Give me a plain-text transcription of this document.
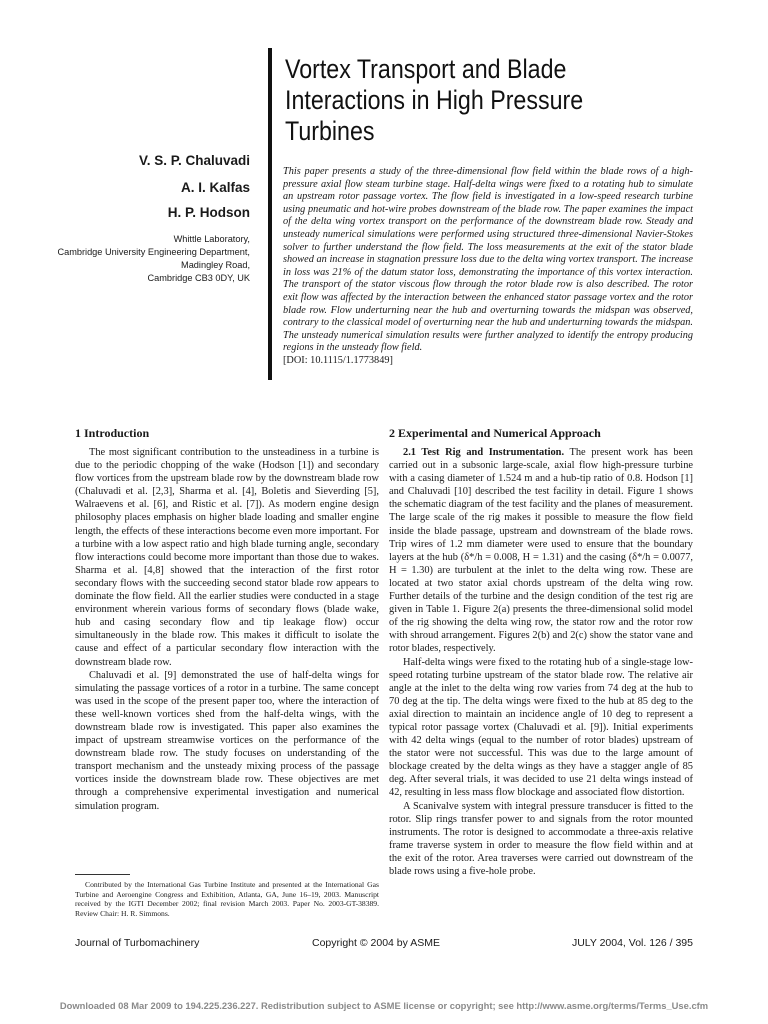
Vortex Transport and Blade Interactions in High Pressure Turbines
V. S. P. Chaluvadi
A. I. Kalfas
H. P. Hodson
Whittle Laboratory,
Cambridge University Engineering Department,
Madingley Road,
Cambridge CB3 0DY, UK
This paper presents a study of the three-dimensional flow field within the blade rows of a high-pressure axial flow steam turbine stage. Half-delta wings were fixed to a rotating hub to simulate an upstream rotor passage vortex. The flow field is investigated in a low-speed research turbine using pneumatic and hot-wire probes downstream of the blade row. The paper examines the impact of the delta wing vortex transport on the performance of the downstream blade row. Steady and unsteady numerical simulations were performed using structured three-dimensional Navier-Stokes solver to further understand the flow field. The loss measurements at the exit of the stator blade showed an increase in stagnation pressure loss due to the delta wing vortex transport. The increase in loss was 21% of the datum stator loss, demonstrating the importance of this vortex interaction. The transport of the stator viscous flow through the rotor blade row is also described. The rotor exit flow was affected by the interaction between the enhanced stator passage vortex and the rotor blade row. Flow underturning near the hub and overturning towards the midspan was observed, contrary to the classical model of overturning near the hub and underturning towards the midspan. The unsteady numerical simulation results were further analyzed to identify the entropy producing regions in the unsteady flow field.
[DOI: 10.1115/1.1773849]
1 Introduction

The most significant contribution to the unsteadiness in a turbine is due to the periodic chopping of the wake (Hodson [1]) and secondary flow vortices from the upstream blade row by the downstream blade row (Chaluvadi et al. [2,3], Sharma et al. [4], Boletis and Sieverding [5], Walraevens et al. [6], and Ristic et al. [7]). As modern engine design philosophy places emphasis on higher blade loading and smaller engine length, the effects of these interactions become even more important. For a turbine with a low aspect ratio and high blade turning angle, secondary flow interactions could become more important than those due to wakes. Sharma et al. [4,8] showed that the interaction of the first rotor secondary flows with the succeeding second stator blade row appears to dominate the flow field. All the earlier studies were conducted in a stage environment wherein various forms of secondary flows (blade wake, hub and casing secondary flow and tip leakage flow) occur simultaneously in the blade row. This makes it difficult to isolate the cause and effect of a particular secondary flow interaction with the downstream blade row.

Chaluvadi et al. [9] demonstrated the use of half-delta wings for simulating the passage vortices of a rotor in a turbine. The same concept was used in the scope of the present paper too, where the interaction of these well-known vortices shed from the half-delta wings, with the downstream blade row is investigated. This paper also examines the impact of upstream streamwise vortices on the performance of the downstream blade row. The study focuses on understanding of the transport mechanism and the unsteady mixing process of the passage vortices inside the downstream blade row. These objectives are met through a comprehensive experimental investigation and numerical simulation program.

Contributed by the International Gas Turbine Institute and presented at the International Gas Turbine and Aeroengine Congress and Exhibition, Atlanta, GA, June 16–19, 2003. Manuscript received by the IGTI December 2002; final revision March 2003. Paper No. 2003-GT-38389. Review Chair: H. R. Simmons.
2 Experimental and Numerical Approach

2.1 Test Rig and Instrumentation. The present work has been carried out in a subsonic large-scale, axial flow high-pressure turbine with a casing diameter of 1.524 m and a hub-tip ratio of 0.8. Hodson [1] and Chaluvadi [10] described the test facility in detail. Figure 1 shows the schematic diagram of the test facility and the planes of measurement. The large scale of the rig makes it possible to measure the flow field inside the blade passage, upstream and downstream of the blade rows. Trip wires of 1.2 mm diameter were used to ensure that the boundary layers at the hub (δ*/h = 0.008, H = 1.31) and the casing (δ*/h = 0.0077, H = 1.30) are turbulent at the inlet to the delta wing row. These are located at two stator axial chords upstream of the delta wing row. Further details of the turbine and the design condition of the test rig are given in Table 1. Figure 2(a) presents the three-dimensional solid model of the rig showing the delta wing row, the stator row and the rotor row with shroud arrangement. Figures 2(b) and 2(c) show the stator vane and rotor blades, respectively.

Half-delta wings were fixed to the rotating hub of a single-stage low-speed rotating turbine upstream of the stator blade row. The relative air angle at the inlet to the delta wing row varies from 74 deg at the hub to 70 deg at the tip. The delta wings were fixed to the hub at 85 deg to the axial direction to maintain an incidence angle of 10 deg to represent a typical rotor passage vortex (Chaluvadi et al. [9]). Initial experiments with 42 delta wings (equal to the number of rotor blades) upstream of the stator were not successful. This was due to the large amount of blockage created by the delta wings as they have a stagger angle of 85 deg. After several trials, it was decided to use 21 delta wings instead of 42, resulting in less mass flow blockage and associated flow distortion.

A Scanivalve system with integral pressure transducer is fitted to the rotor. Slip rings transfer power to and signals from the rotor mounted instruments. The rotor is designed to accommodate a three-axis relative frame traverse system in order to measure the flow field within and at the exit of the rotor. Area traverses were carried out downstream of the blade rows using a five-hole probe.

Journal of Turbomachinery	Copyright © 2004 by ASME	JULY 2004, Vol. 126 / 395
Downloaded 08 Mar 2009 to 194.225.236.227. Redistribution subject to ASME license or copyright; see http://www.asme.org/terms/Terms_Use.cfm
